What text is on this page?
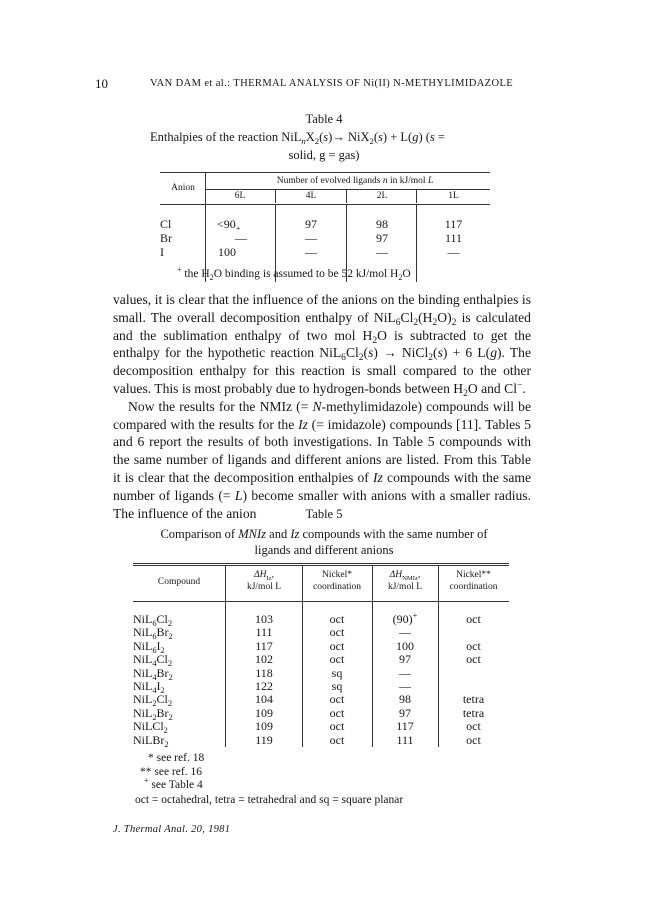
10	VAN DAM et al.: THERMAL ANALYSIS OF Ni(II) N-METHYLIMIDAZOLE
Table 4
Enthalpies of the reaction $NiL_nX_2(s)\to NiX_2(s) + L(g) (s$ =
solid, g = gas)
Number of evolved ligands n in kJ/mol L
Anion
6L	4L	2L	1L
Cl	$<90_+$	97	98	117
Br	—	—	97	111
I	100	—	—	—
+ the $H_2O$ binding is assumed to be 52 kJ/mol $H_2O$

values, it is clear that the influence of the anions on the binding enthalpies is small. The overall decomposition enthalpy of $NiL_6Cl_2(H_2O)_2$ is calculated and the sublimation enthalpy of two mol $H_2O$ is subtracted to get the enthalpy for the hypothetic reaction $NiL_6Cl_2(s)$ → NiCl$_2$(s) + 6 L(g). The decomposition enthalpy for this reaction is small compared to the other values. This is most probably due to hydrogen-bonds between $H_2O$ and Cl−.

Now the results for the NMIz (= N-methylimidazole) compounds will be compared with the results for the Iz (= imidazole) compounds [11]. Tables 5 and 6 report the results of both investigations. In Table 5 compounds with the same number of ligands and different anions are listed. From this Table it is clear that the decomposition enthalpies of Iz compounds with the same number of ligands (= L) become smaller with anions with a smaller radius. The influence of the anion	Table 5
Comparison of MNIz and Iz compounds with the same number of
ligands and different anions
Compound
$\Delta H_{Iz}$,
kJ/mol L
Nickel*
coordination
$\Delta H_{NMIz}$,
kJ/mol L
Nickel**
coordination
$NiL_6Cl_2$	103	oct	(90)+	oct
$NiL_6Br_2$	111	oct	—
$NiL_6I_2$	117	oct	100	oct
$NiL_4Cl_2$	102	oct	97	oct
$NiL_4Br_2$	118	sq	—
$NiL_4I_2$	122	sq	—
$NiL_2Cl_2$	104	oct	98	tetra
$NiL_2Br_2$	109	oct	97	tetra
NiLCl$_2$	109	oct	117	oct
NiLBr$_2$	119	oct	111	oct
* see ref. 18
** see ref. 16
+ see Table 4
oct = octahedral, tetra = tetrahedral and sq = square planar
J. Thermal Anal. 20, 1981
